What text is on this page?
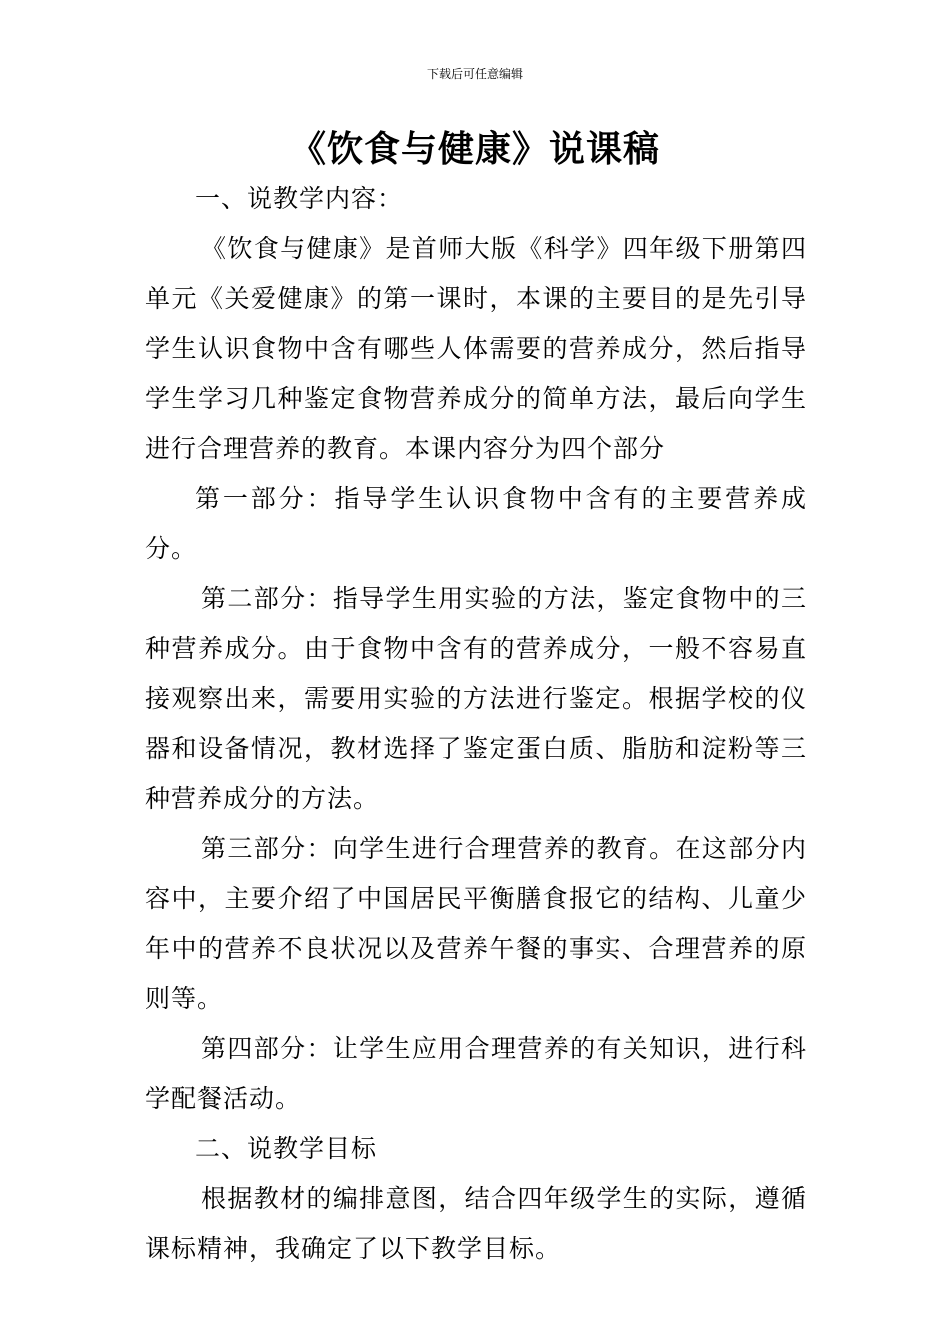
下载后可任意编辑
《饮食与健康》说课稿

一、说教学内容：

《饮食与健康》是首师大版《科学》四年级下册第四单元《关爱健康》的第一课时，本课的主要目的是先引导学生认识食物中含有哪些人体需要的营养成分，然后指导学生学习几种鉴定食物营养成分的简单方法，最后向学生进行合理营养的教育。本课内容分为四个部分

第一部分：指导学生认识食物中含有的主要营养成分。

第二部分：指导学生用实验的方法，鉴定食物中的三种营养成分。由于食物中含有的营养成分，一般不容易直接观察出来，需要用实验的方法进行鉴定。根据学校的仪器和设备情况，教材选择了鉴定蛋白质、脂肪和淀粉等三种营养成分的方法。

第三部分：向学生进行合理营养的教育。在这部分内容中，主要介绍了中国居民平衡膳食报它的结构、儿童少年中的营养不良状况以及营养午餐的事实、合理营养的原则等。

第四部分：让学生应用合理营养的有关知识，进行科学配餐活动。

二、说教学目标

根据教材的编排意图，结合四年级学生的实际，遵循课标精神，我确定了以下教学目标。
